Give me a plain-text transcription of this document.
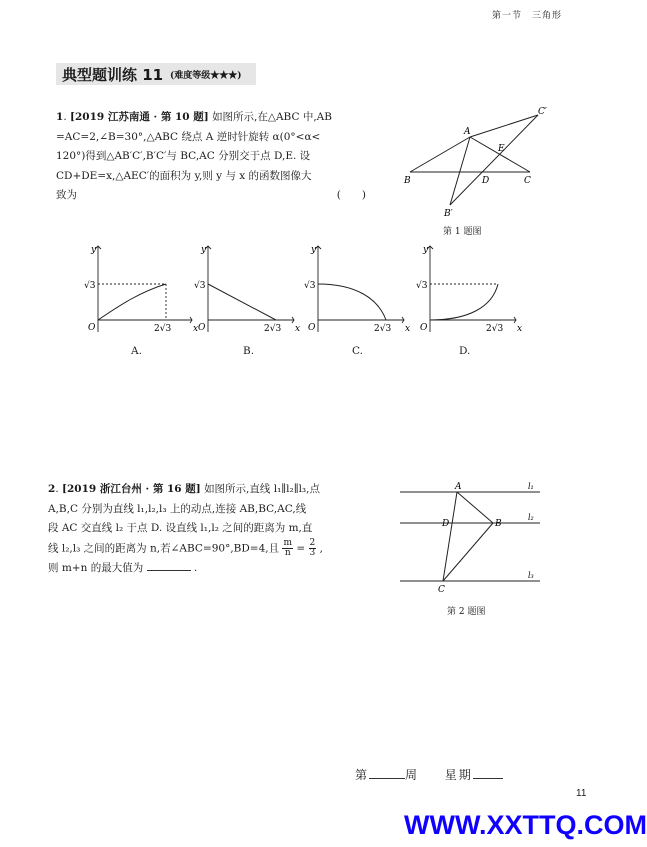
第一节　三角形
典型题训练 11 (难度等级★★★)
1. [2019 江苏南通 · 第 10 题] 如图所示,在△ABC 中,AB
=AC=2,∠B=30°,△ABC 绕点 A 逆时针旋转 α(0°<α<
120°)得到△AB′C′,B′C′与 BC,AC 分别交于点 D,E. 设
CD+DE=x,△AEC′的面积为 y,则 y 与 x 的函数图像大
致为	(　　)
A
B	C
D
E
B′
C′
第 1 题图
y
x
O
√3
2√3
y
x
O
√3
2√3
y
x
O
√3
2√3
y
x
O
√3
2√3
A.	B.	C.	D.
2. [2019 浙江台州 · 第 16 题] 如图所示,直线 l₁∥l₂∥l₃,点
A,B,C 分别为直线 l₁,l₂,l₃ 上的动点,连接 AB,BC,AC,线
段 AC 交直线 l₂ 于点 D. 设直线 l₁,l₂ 之间的距离为 m,直
线 l₂,l₃ 之间的距离为 n,若∠ABC=90°,BD=4,且 $\frac{m}{n} = \frac{2}{3}$ ,
则 m+n 的最大值为	.
A
B
C
D
l₁
l₂
l₃
第 2 题图
第	周 星期
11
WWW.XXTTQ.COM
